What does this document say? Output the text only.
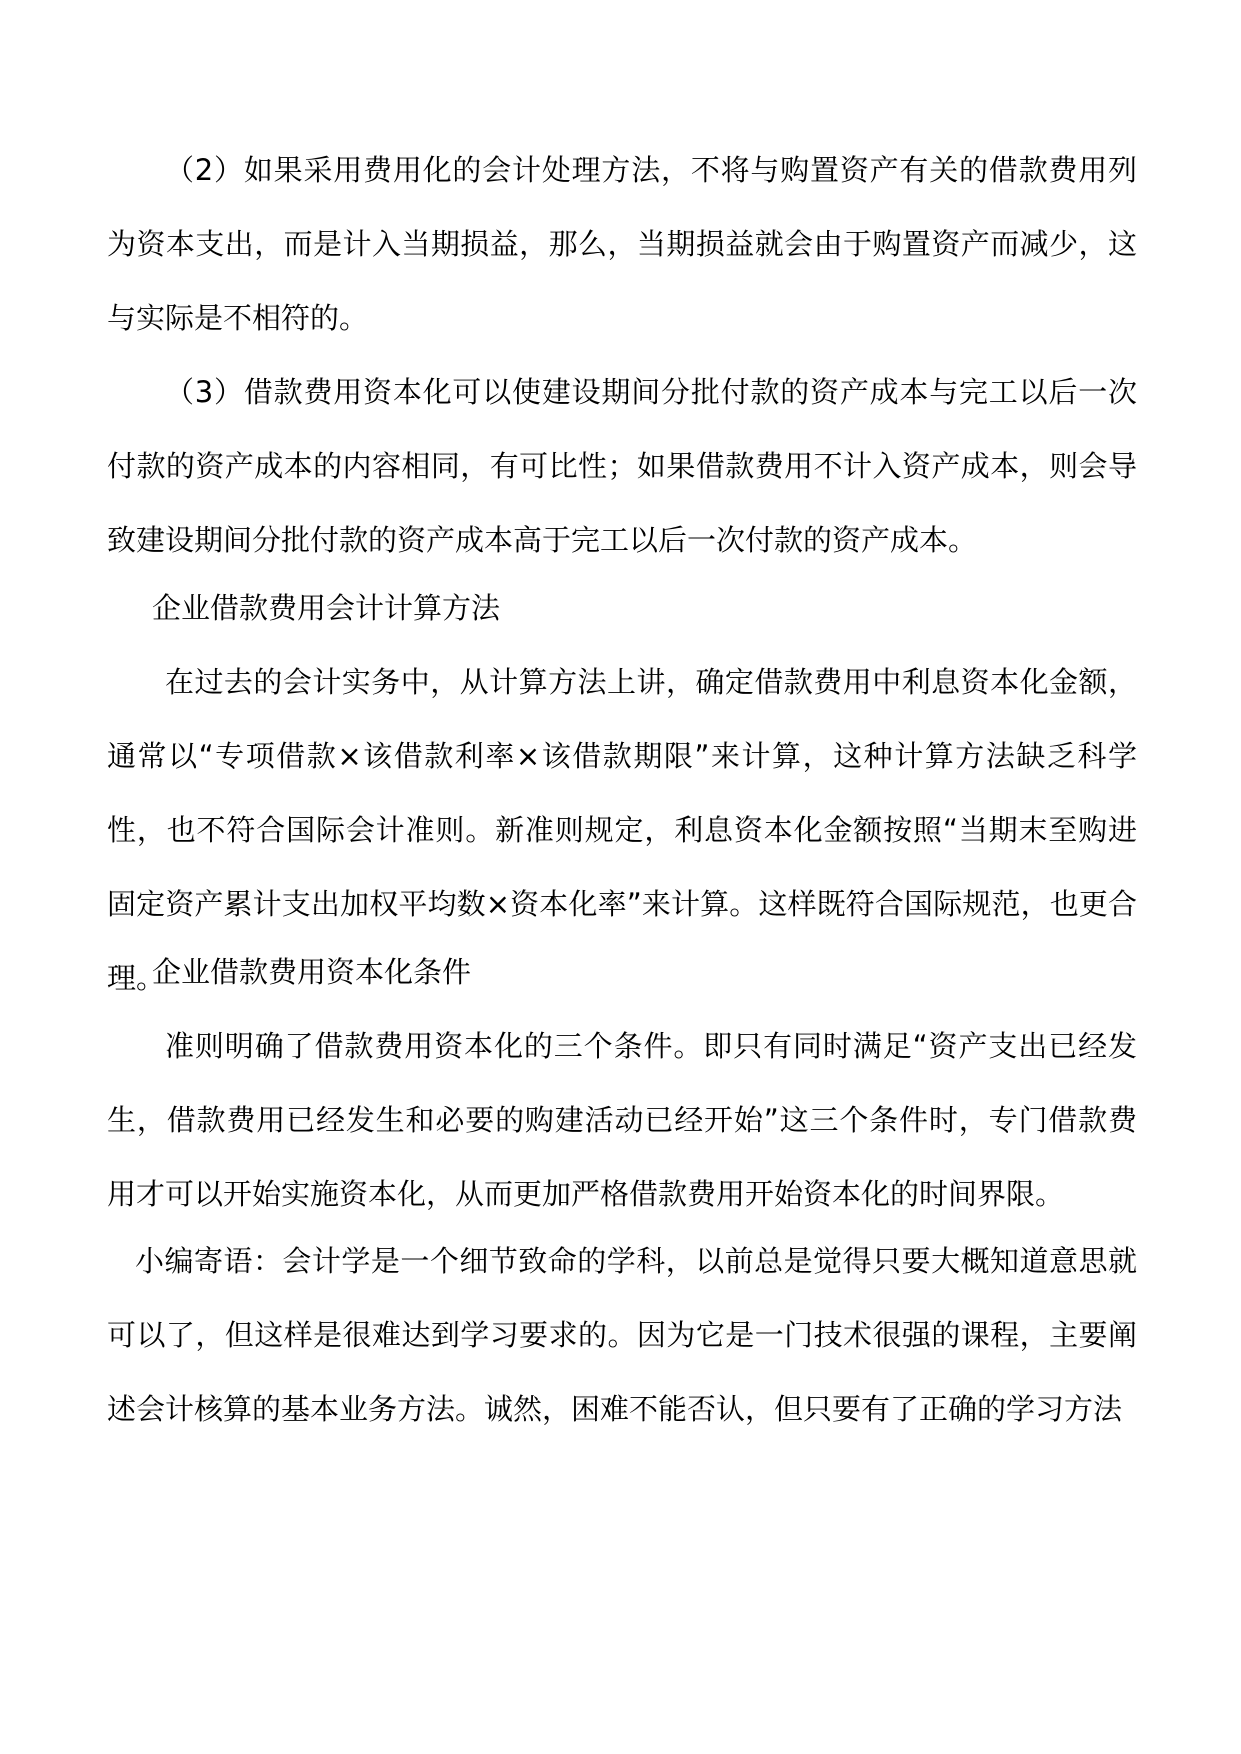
（2）如果采用费用化的会计处理方法，不将与购置资产有关的借款费用列为资本支出，而是计入当期损益，那么，当期损益就会由于购置资产而减少，这与实际是不相符的。

（3）借款费用资本化可以使建设期间分批付款的资产成本与完工以后一次付款的资产成本的内容相同，有可比性；如果借款费用不计入资产成本，则会导致建设期间分批付款的资产成本高于完工以后一次付款的资产成本。

企业借款费用会计计算方法

在过去的会计实务中，从计算方法上讲，确定借款费用中利息资本化金额，通常以“专项借款×该借款利率×该借款期限”来计算，这种计算方法缺乏科学性，也不符合国际会计准则。新准则规定，利息资本化金额按照“当期末至购进固定资产累计支出加权平均数×资本化率”来计算。这样既符合国际规范，也更合理。

企业借款费用资本化条件

准则明确了借款费用资本化的三个条件。即只有同时满足“资产支出已经发生，借款费用已经发生和必要的购建活动已经开始”这三个条件时，专门借款费用才可以开始实施资本化，从而更加严格借款费用开始资本化的时间界限。

小编寄语：会计学是一个细节致命的学科，以前总是觉得只要大概知道意思就可以了，但这样是很难达到学习要求的。因为它是一门技术很强的课程，主要阐述会计核算的基本业务方法。诚然，困难不能否认，但只要有了正确的学习方法
